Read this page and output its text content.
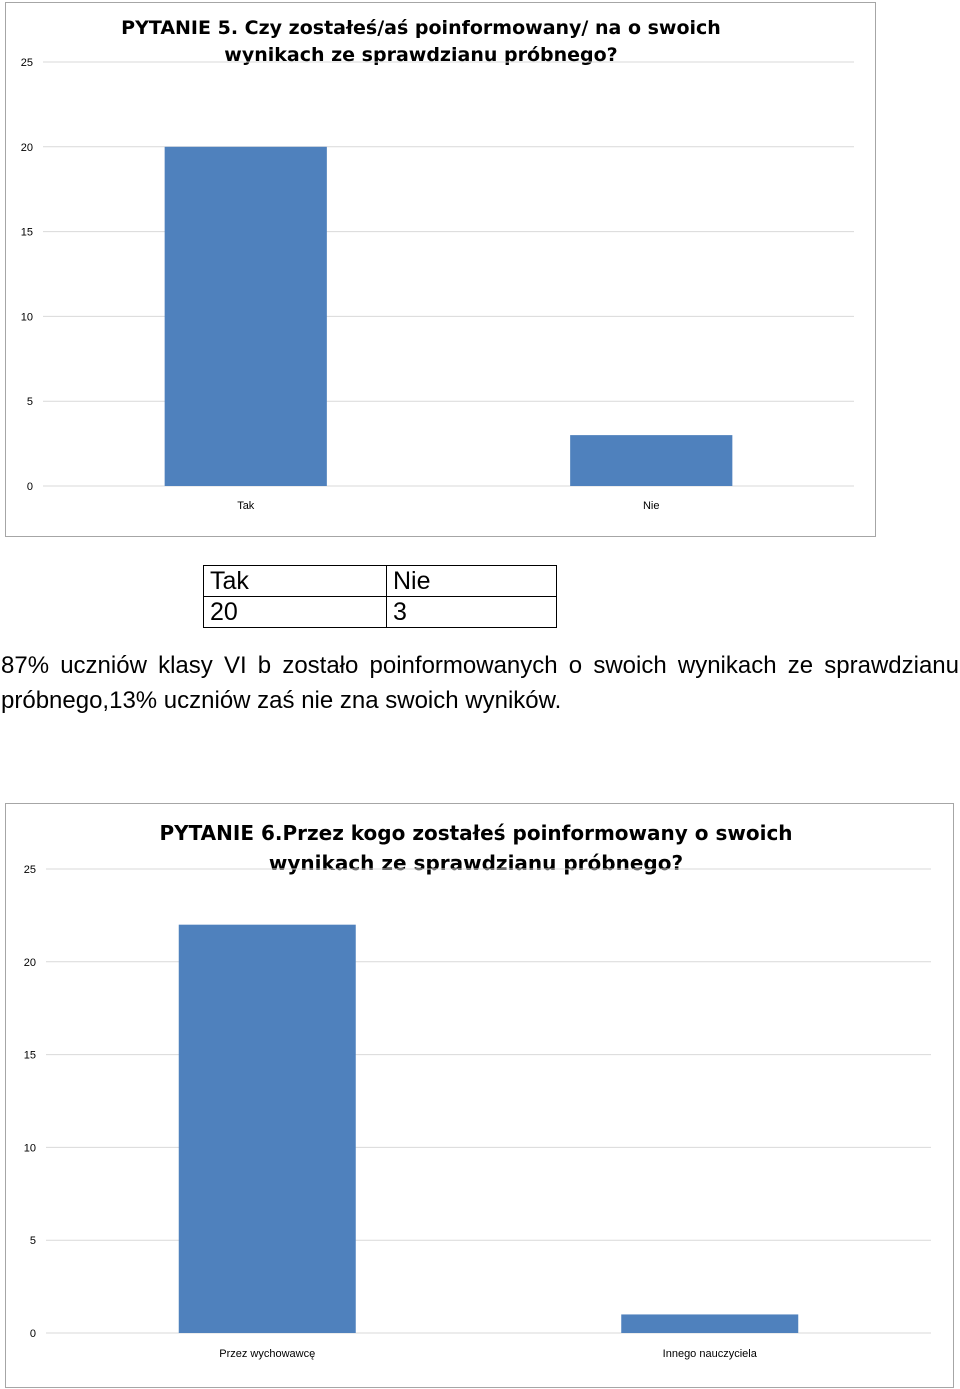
PYTANIE 5. Czy zostałeś/aś poinformowany/ na o swoich wynikach ze sprawdzianu próbnego?
0
5
10
15
20
25
Tak	Nie
Tak	Nie
20	3
87% uczniów klasy VI b zostało poinformowanych o swoich wynikach ze sprawdzianu próbnego,13% uczniów zaś nie zna swoich wyników.
PYTANIE 6.Przez kogo zostałeś poinformowany o swoich wynikach ze sprawdzianu próbnego?
0
5
10
15
20
25
Przez wychowawcę	Innego nauczyciela
